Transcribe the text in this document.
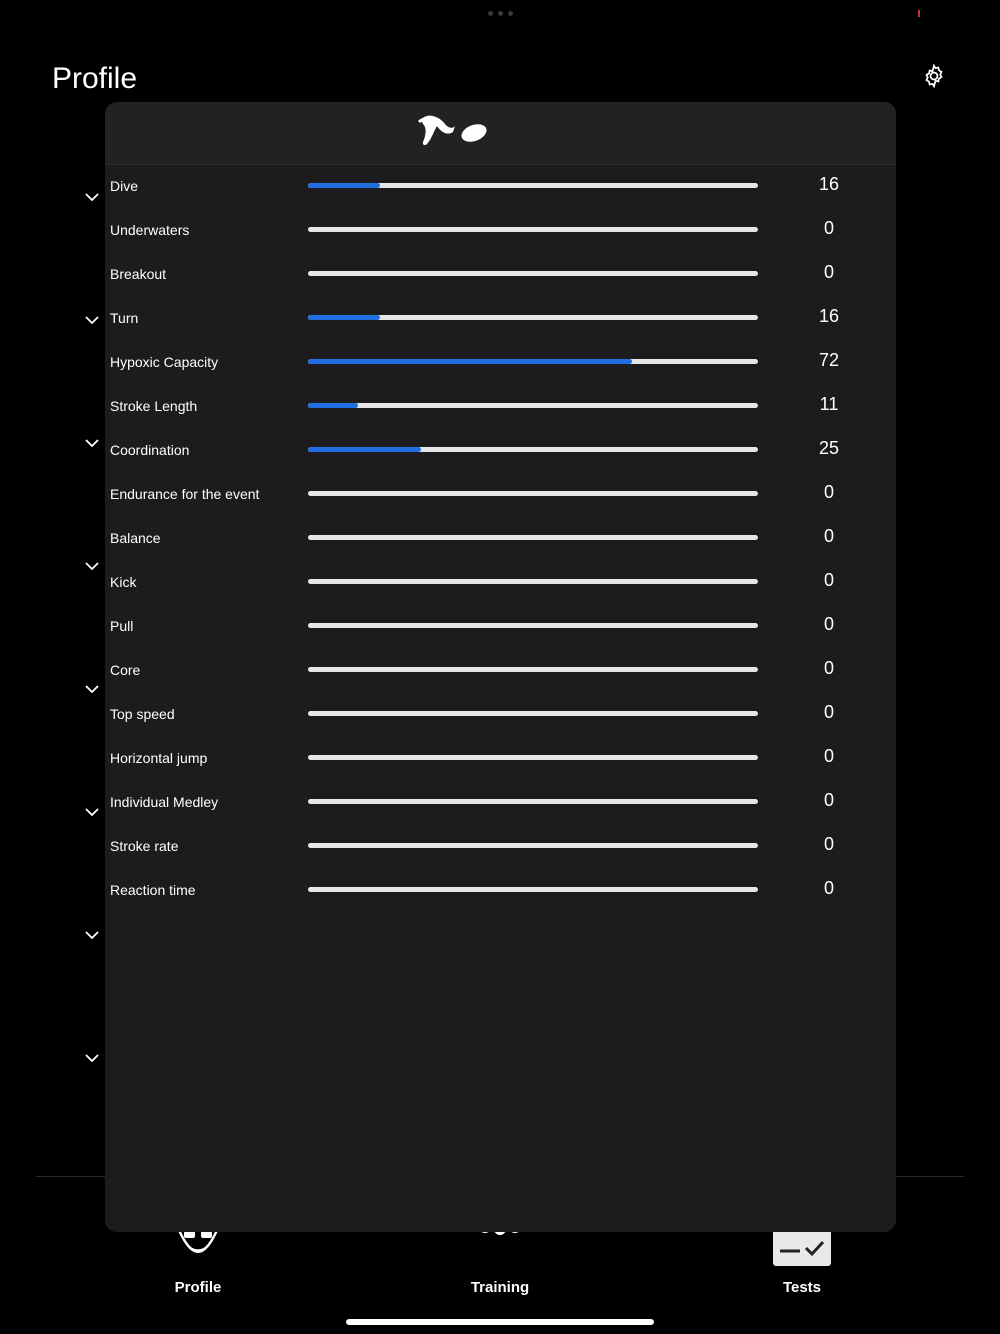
Profile
Profile	Training	Tests
Dive	16
Underwaters	0
Breakout	0
Turn	16
Hypoxic Capacity	72
Stroke Length	11
Coordination	25
Endurance for the event	0
Balance	0
Kick	0
Pull	0
Core	0
Top speed	0
Horizontal jump	0
Individual Medley	0
Stroke rate	0
Reaction time	0
